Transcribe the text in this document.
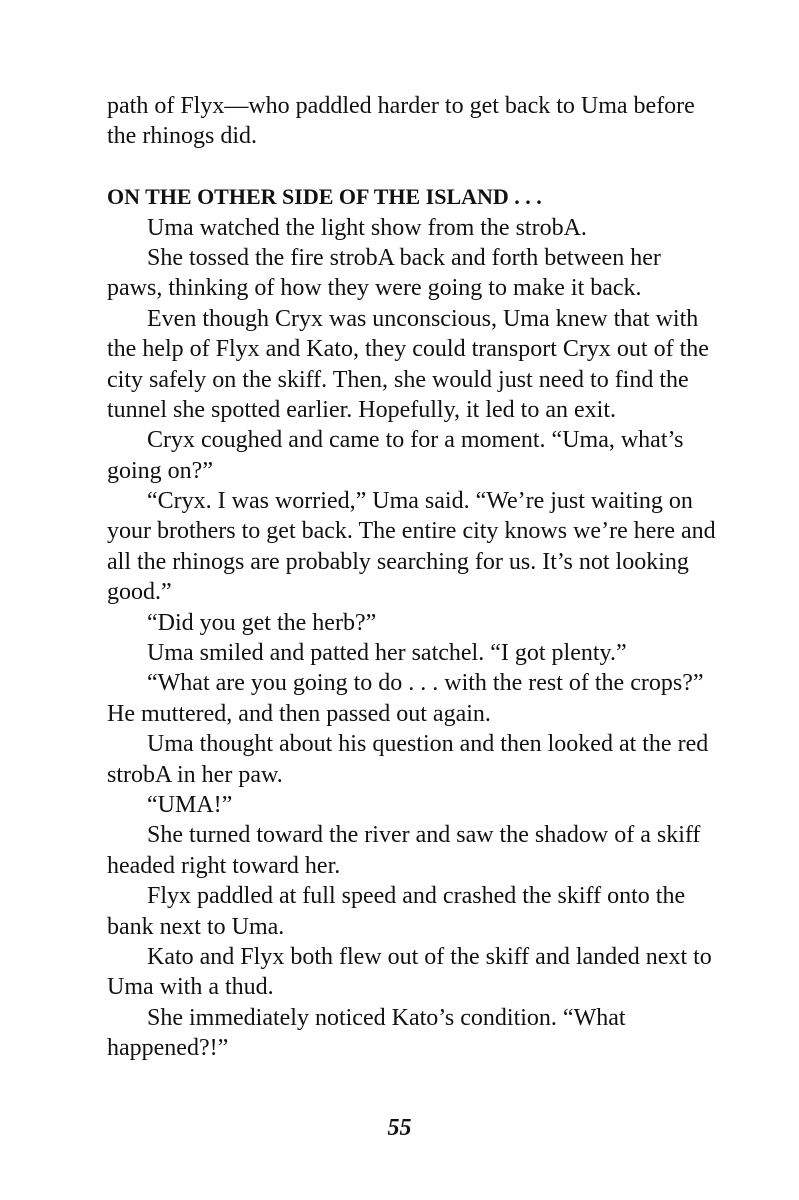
path of Flyx—who paddled harder to get back to Uma before

the rhinogs did.

ON THE OTHER SIDE OF THE ISLAND . . .

Uma watched the light show from the strobA.

She tossed the fire strobA back and forth between her

paws, thinking of how they were going to make it back.

Even though Cryx was unconscious, Uma knew that with

the help of Flyx and Kato, they could transport Cryx out of the

city safely on the skiff. Then, she would just need to find the

tunnel she spotted earlier. Hopefully, it led to an exit.

Cryx coughed and came to for a moment. “Uma, what’s

going on?”

“Cryx. I was worried,” Uma said. “We’re just waiting on

your brothers to get back. The entire city knows we’re here and

all the rhinogs are probably searching for us. It’s not looking

good.”

“Did you get the herb?”

Uma smiled and patted her satchel. “I got plenty.”

“What are you going to do . . . with the rest of the crops?”

He muttered, and then passed out again.

Uma thought about his question and then looked at the red

strobA in her paw.

“UMA!”

She turned toward the river and saw the shadow of a skiff

headed right toward her.

Flyx paddled at full speed and crashed the skiff onto the

bank next to Uma.

Kato and Flyx both flew out of the skiff and landed next to

Uma with a thud.

She immediately noticed Kato’s condition. “What

happened?!”

55
